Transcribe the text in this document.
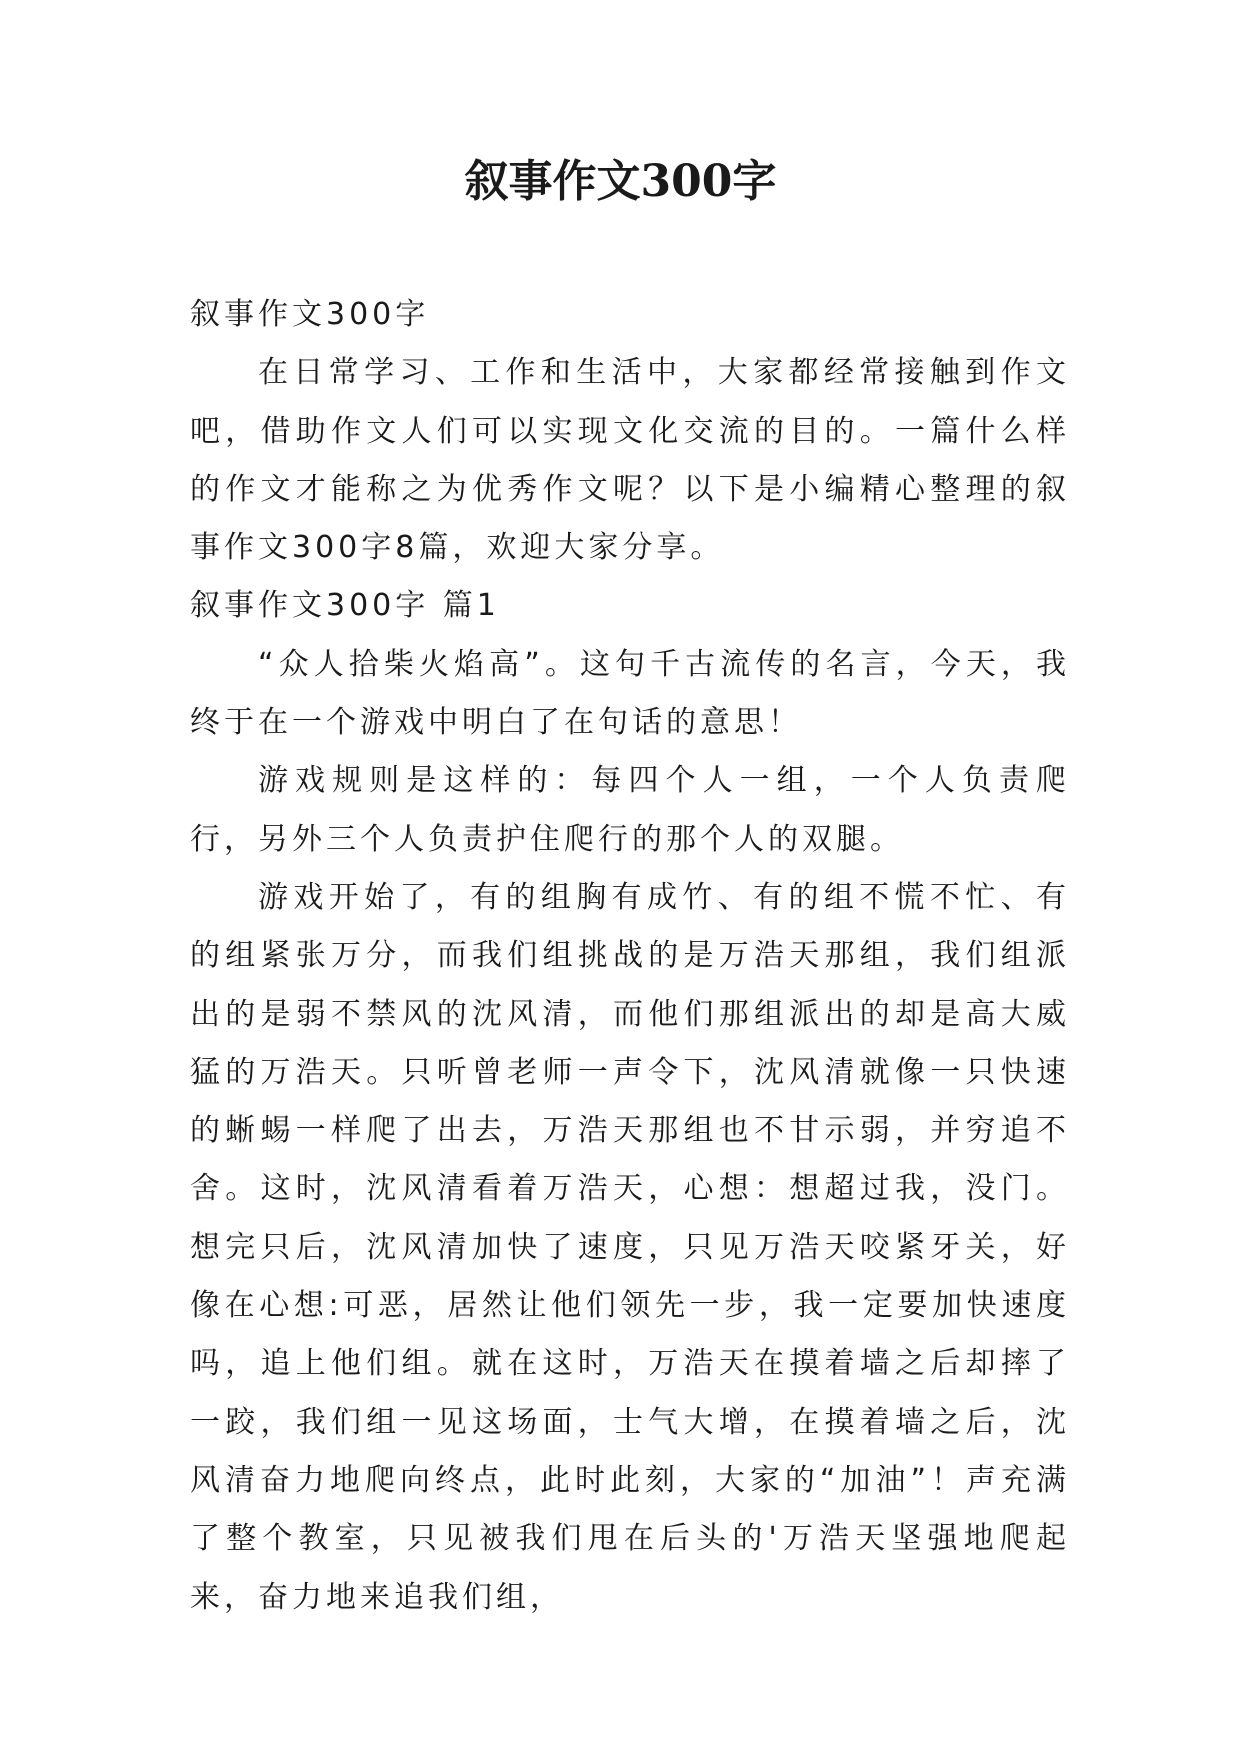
叙事作文300字

叙事作文300字

在日常学习、工作和生活中，大家都经常接触到作文吧，借助作文人们可以实现文化交流的目的。一篇什么样的作文才能称之为优秀作文呢？以下是小编精心整理的叙事作文300字8篇，欢迎大家分享。

叙事作文300字 篇1

“众人拾柴火焰高”。这句千古流传的名言，今天，我终于在一个游戏中明白了在句话的意思！

游戏规则是这样的：每四个人一组，一个人负责爬行，另外三个人负责护住爬行的那个人的双腿。

游戏开始了，有的组胸有成竹、有的组不慌不忙、有的组紧张万分，而我们组挑战的是万浩天那组，我们组派出的是弱不禁风的沈风清，而他们那组派出的却是高大威猛的万浩天。只听曾老师一声令下，沈风清就像一只快速的蜥蜴一样爬了出去，万浩天那组也不甘示弱，并穷追不舍。这时，沈风清看着万浩天，心想：想超过我，没门。想完只后，沈风清加快了速度，只见万浩天咬紧牙关，好像在心想:可恶，居然让他们领先一步，我一定要加快速度吗，追上他们组。就在这时，万浩天在摸着墙之后却摔了一跤，我们组一见这场面，士气大增，在摸着墙之后，沈风清奋力地爬向终点，此时此刻，大家的“加油”！声充满了整个教室，只见被我们甩在后头的'万浩天坚强地爬起来，奋力地来追我们组，
